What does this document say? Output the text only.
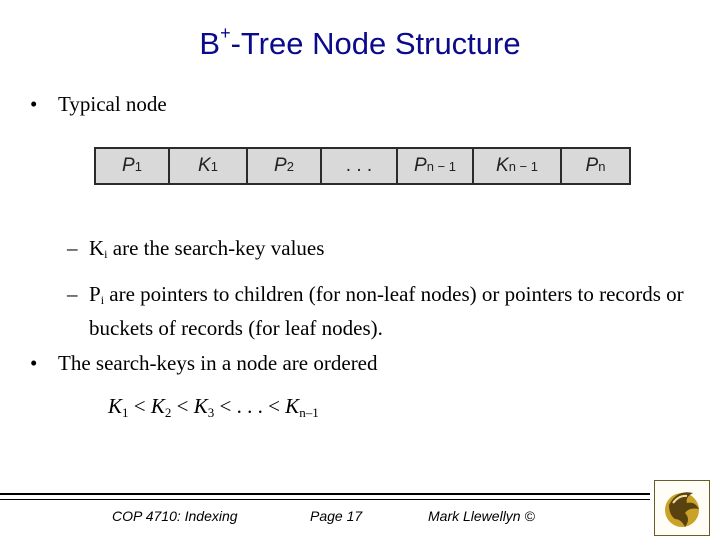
B+-Tree Node Structure
• Typical node
P 1	K 1	P 2	. . . P n − 1 K n − 1	P n
– $K_i$ are the search-key values
– $P_i$ are pointers to children (for non-leaf nodes) or pointers to records or buckets of records (for leaf nodes).
• The search-keys in a node are ordered
$K_1 < K_2 < K_3$ < . . . < $K_{n-1}$
COP 4710: Indexing	Page 17	Mark Llewellyn ©
